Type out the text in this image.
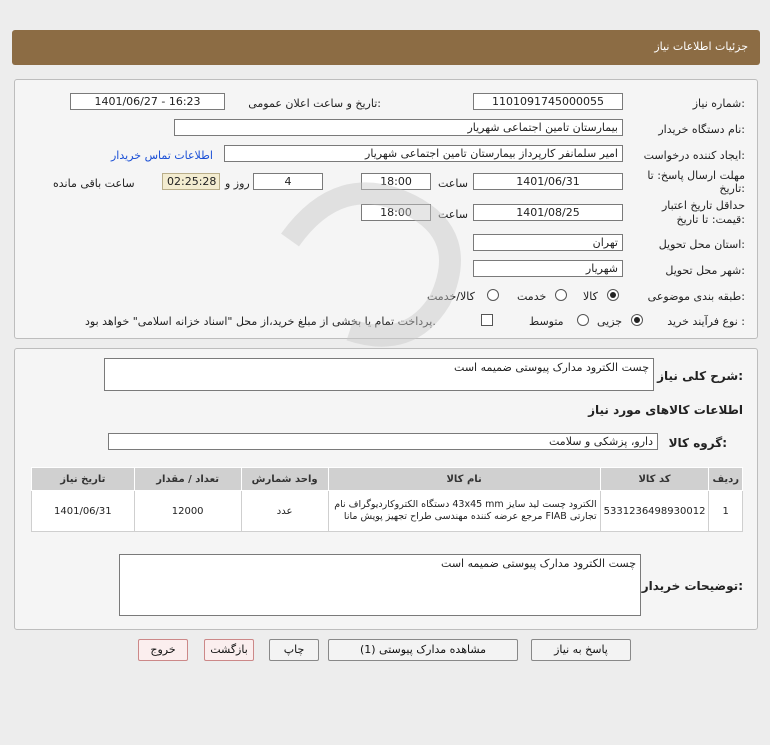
جزئیات اطلاعات نیاز
شماره نیاز:
1101091745000055
تاریخ و ساعت اعلان عمومی:
1401/06/27 - 16:23
نام دستگاه خریدار:
بیمارستان تامین اجتماعی شهریار
ایجاد کننده درخواست:
امیر سلمانفر کارپرداز بیمارستان تامین اجتماعی شهریار
اطلاعات تماس خریدار
مهلت ارسال پاسخ: تا
تاریخ:
1401/06/31
ساعت
18:00
4
روز و
02:25:28
ساعت باقی مانده
حداقل تاریخ اعتبار
قیمت: تا تاریخ:
1401/08/25
ساعت
18:00
استان محل تحویل:
تهران
شهر محل تحویل:
شهریار
طبقه بندی موضوعی:
کالا
خدمت
کالا/خدمت
نوع فرآیند خرید :
جزیی
متوسط
پرداخت تمام یا بخشی از مبلغ خرید،از محل "اسناد خزانه اسلامی" خواهد بود.
شرح کلی نیاز:
چست الکترود مدارک پیوستی ضمیمه است
اطلاعات کالاهای مورد نیاز
گروه کالا:
دارو، پزشکی و سلامت
ردیف	کد کالا	نام کالا	واحد شمارش	تعداد / مقدار	تاریخ نیاز
1	5331236498930012	الکترود چست لید سایز 43x45 mm دستگاه الکتروکاردیوگراف نام تجارتی FIAB مرجع عرضه کننده مهندسی طراح تجهیز پویش مانا	عدد	12000	1401/06/31
توضیحات خریدار:
چست الکترود مدارک پیوستی ضمیمه است
پاسخ به نیاز
مشاهده مدارک پیوستی (1)
چاپ
بازگشت
خروج
